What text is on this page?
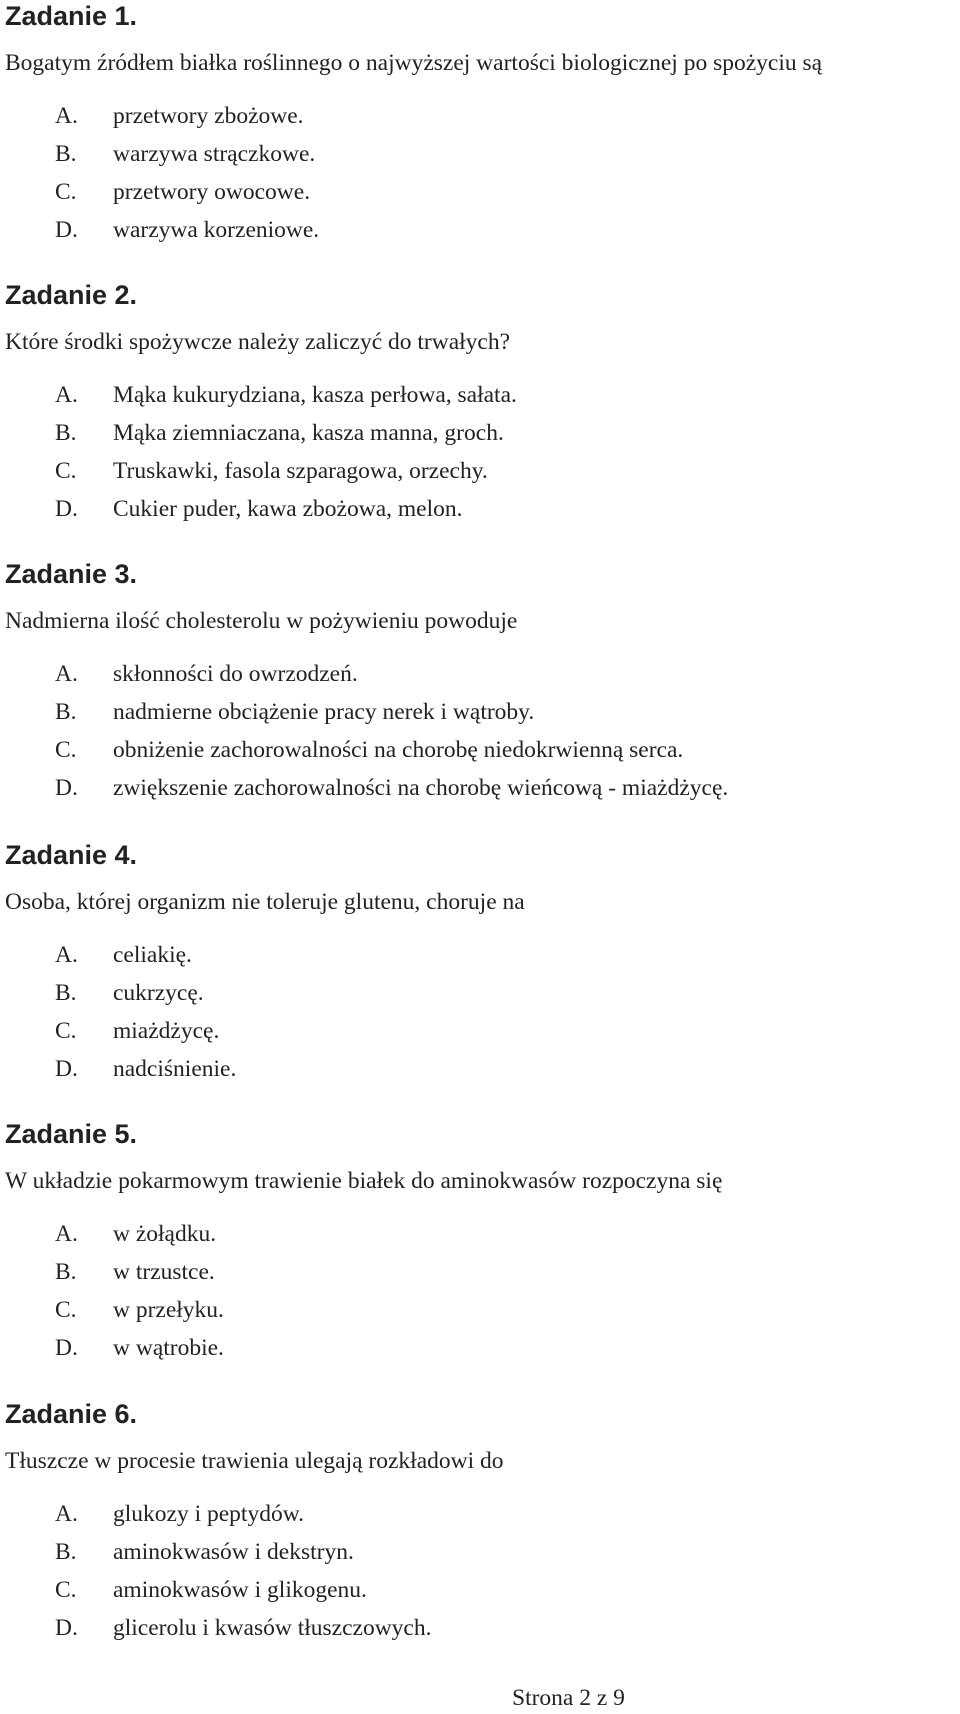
Zadanie 1.
Bogatym źródłem białka roślinnego o najwyższej wartości biologicznej po spożyciu są
A. przetwory zbożowe.
B. warzywa strączkowe.
C. przetwory owocowe.
D. warzywa korzeniowe.
Zadanie 2.
Które środki spożywcze należy zaliczyć do trwałych?
A. Mąka kukurydziana, kasza perłowa, sałata.
B. Mąka ziemniaczana, kasza manna, groch.
C. Truskawki, fasola szparagowa, orzechy.
D. Cukier puder, kawa zbożowa, melon.
Zadanie 3.
Nadmierna ilość cholesterolu w pożywieniu powoduje
A. skłonności do owrzodzeń.
B. nadmierne obciążenie pracy nerek i wątroby.
C. obniżenie zachorowalności na chorobę niedokrwienną serca.
D. zwiększenie zachorowalności na chorobę wieńcową - miażdżycę.
Zadanie 4.
Osoba, której organizm nie toleruje glutenu, choruje na
A. celiakię.
B. cukrzycę.
C. miażdżycę.
D. nadciśnienie.
Zadanie 5.
W układzie pokarmowym trawienie białek do aminokwasów rozpoczyna się
A. w żołądku.
B. w trzustce.
C. w przełyku.
D. w wątrobie.
Zadanie 6.
Tłuszcze w procesie trawienia ulegają rozkładowi do
A. glukozy i peptydów.
B. aminokwasów i dekstryn.
C. aminokwasów i glikogenu.
D. glicerolu i kwasów tłuszczowych.
Strona 2 z 9
